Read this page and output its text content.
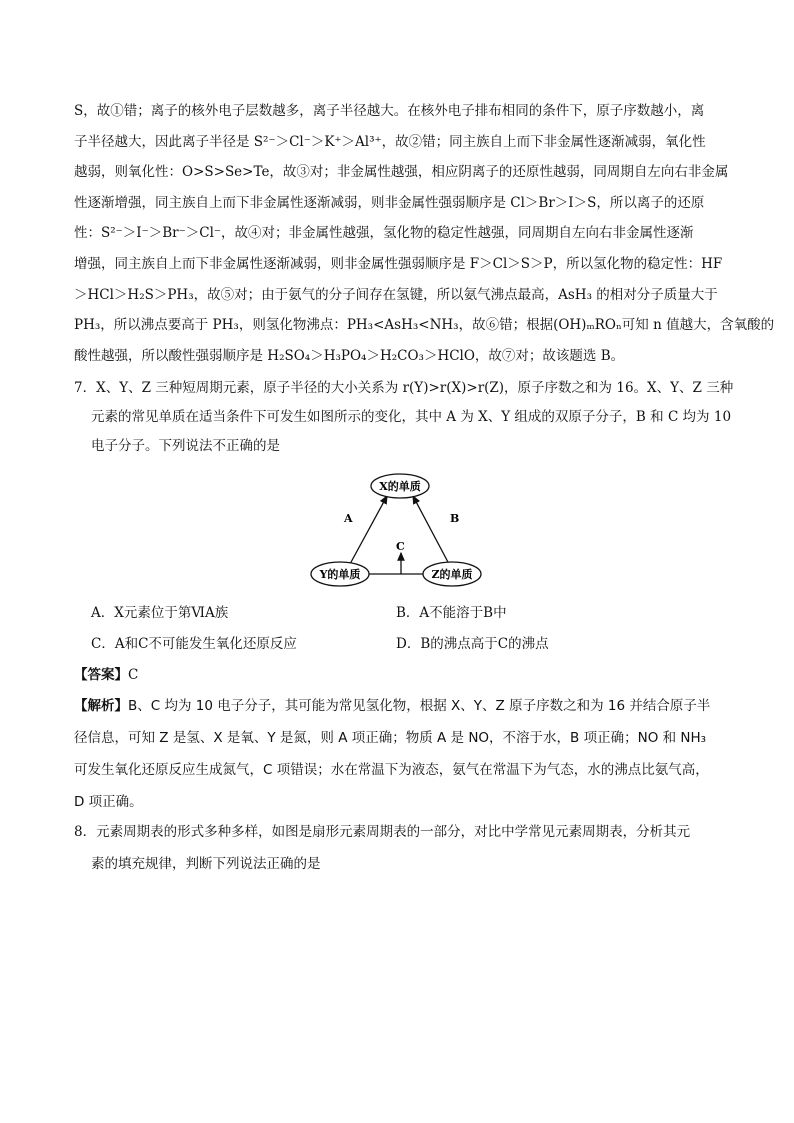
S，故①错；离子的核外电子层数越多，离子半径越大。在核外电子排布相同的条件下，原子序数越小，离
子半径越大，因此离子半径是 S²⁻＞Cl⁻＞K⁺＞Al³⁺，故②错；同主族自上而下非金属性逐渐减弱，氧化性
越弱，则氧化性：O>S>Se>Te，故③对；非金属性越强，相应阴离子的还原性越弱，同周期自左向右非金属
性逐渐增强，同主族自上而下非金属性逐渐减弱，则非金属性强弱顺序是 Cl＞Br＞I＞S，所以离子的还原
性：S²⁻＞I⁻＞Br⁻＞Cl⁻，故④对；非金属性越强，氢化物的稳定性越强，同周期自左向右非金属性逐渐
增强，同主族自上而下非金属性逐渐减弱，则非金属性强弱顺序是 F＞Cl＞S＞P，所以氢化物的稳定性：HF
＞HCl＞H₂S＞PH₃，故⑤对；由于氨气的分子间存在氢键，所以氨气沸点最高，AsH₃ 的相对分子质量大于
PH₃，所以沸点要高于 PH₃，则氢化物沸点：PH₃<AsH₃<NH₃，故⑥错；根据(OH)ₘROₙ可知 n 值越大，含氧酸的
酸性越强，所以酸性强弱顺序是 H₂SO₄＞H₃PO₄＞H₂CO₃＞HClO，故⑦对；故该题选 B。
7．X、Y、Z 三种短周期元素，原子半径的大小关系为 r(Y)>r(X)>r(Z)，原子序数之和为 16。X、Y、Z 三种
元素的常见单质在适当条件下可发生如图所示的变化，其中 A 为 X、Y 组成的双原子分子，B 和 C 均为 10
电子分子。下列说法不正确的是
X的单质
Y的单质	Z的单质
A	B
C
A．X元素位于第ⅥA族	B．A不能溶于B中
C．A和C不可能发生氧化还原反应	D．B的沸点高于C的沸点
【答案】C
【解析】B、C 均为 10 电子分子，其可能为常见氢化物，根据 X、Y、Z 原子序数之和为 16 并结合原子半
径信息，可知 Z 是氢、X 是氧、Y 是氮，则 A 项正确；物质 A 是 NO，不溶于水，B 项正确；NO 和 NH₃
可发生氧化还原反应生成氮气，C 项错误；水在常温下为液态，氨气在常温下为气态，水的沸点比氨气高，
D 项正确。
8．元素周期表的形式多种多样，如图是扇形元素周期表的一部分，对比中学常见元素周期表，分析其元
素的填充规律，判断下列说法正确的是
